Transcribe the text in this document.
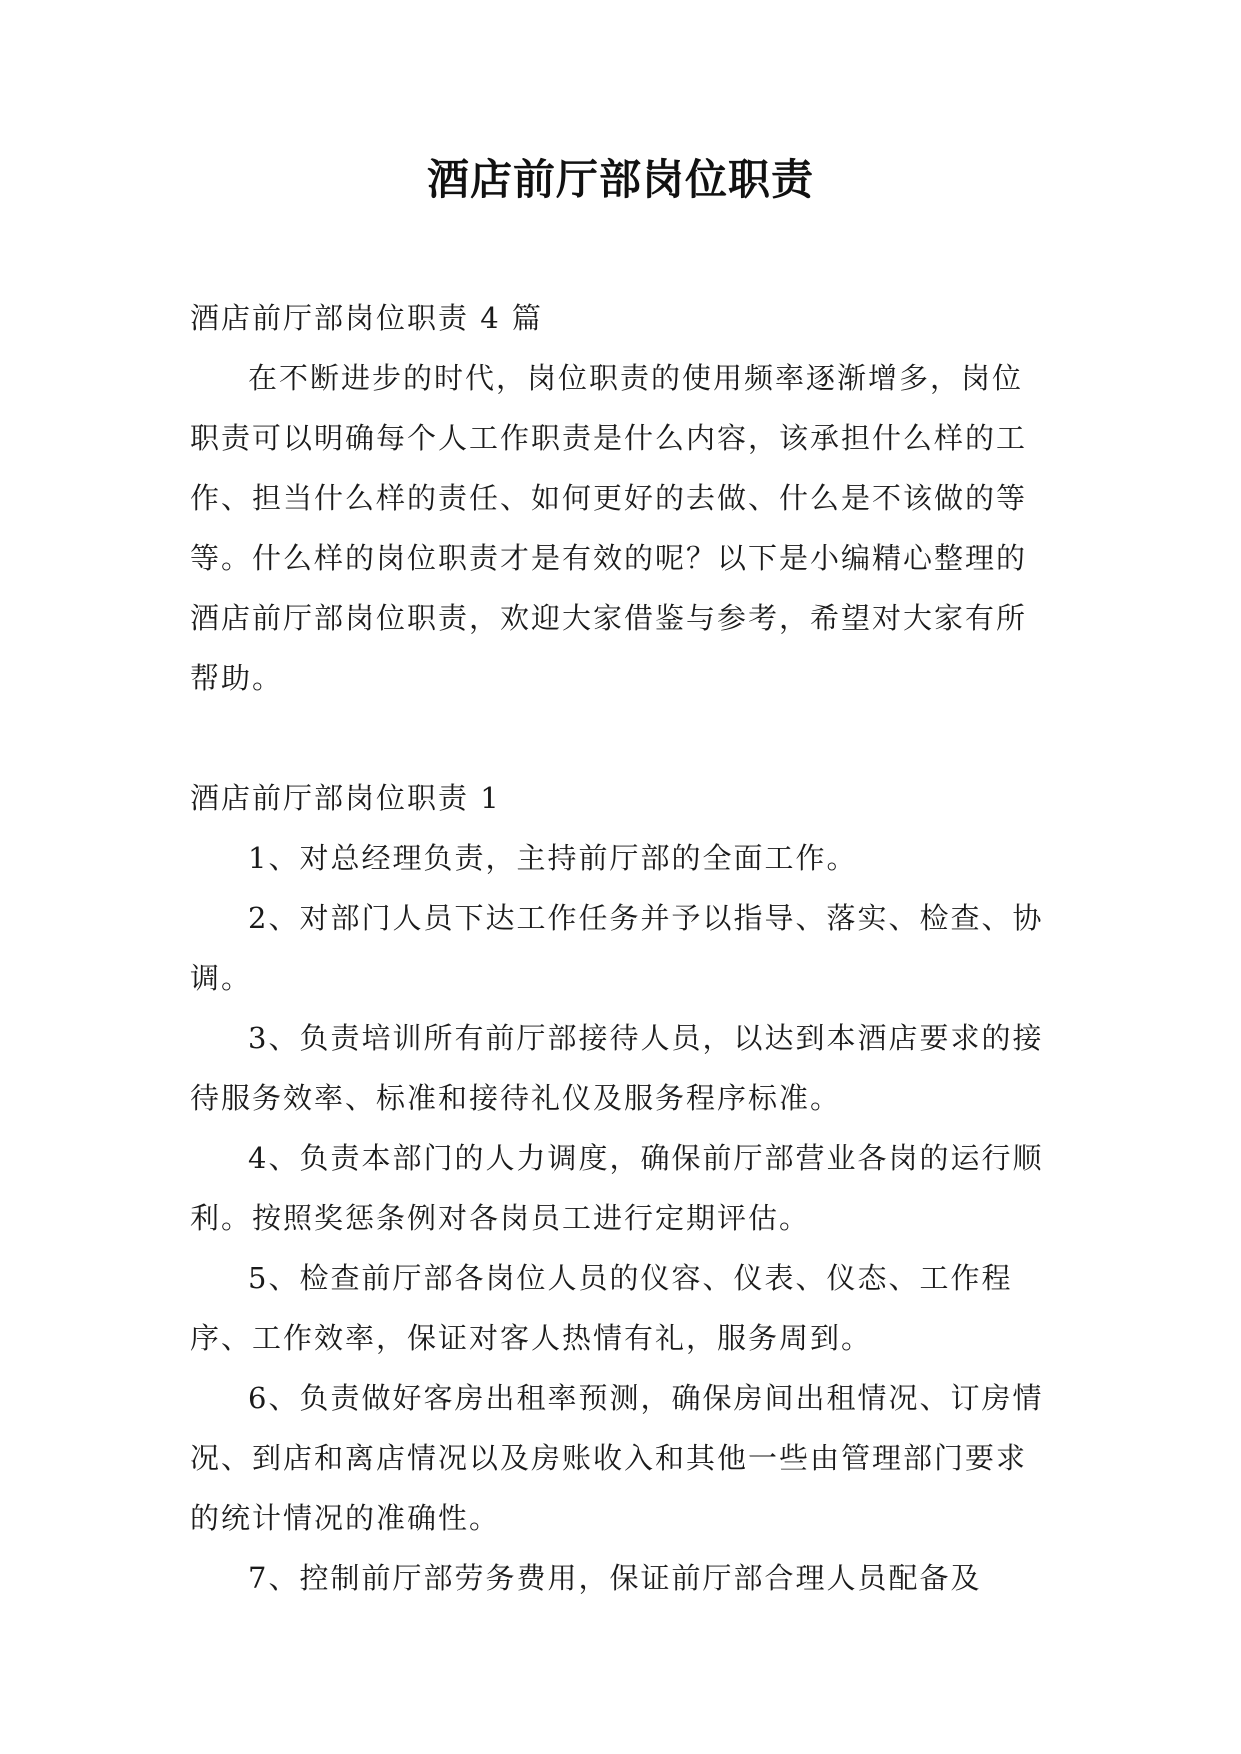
酒店前厅部岗位职责

酒店前厅部岗位职责 4 篇

在不断进步的时代，岗位职责的使用频率逐渐增多，岗位职责可以明确每个人工作职责是什么内容，该承担什么样的工作、担当什么样的责任、如何更好的去做、什么是不该做的等等。什么样的岗位职责才是有效的呢？以下是小编精心整理的酒店前厅部岗位职责，欢迎大家借鉴与参考，希望对大家有所帮助。

酒店前厅部岗位职责 1

1、对总经理负责，主持前厅部的全面工作。

2、对部门人员下达工作任务并予以指导、落实、检查、协调。

3、负责培训所有前厅部接待人员，以达到本酒店要求的接待服务效率、标准和接待礼仪及服务程序标准。

4、负责本部门的人力调度，确保前厅部营业各岗的运行顺利。按照奖惩条例对各岗员工进行定期评估。

5、检查前厅部各岗位人员的仪容、仪表、仪态、工作程序、工作效率，保证对客人热情有礼，服务周到。

6、负责做好客房出租率预测，确保房间出租情况、订房情况、到店和离店情况以及房账收入和其他一些由管理部门要求的统计情况的准确性。

7、控制前厅部劳务费用，保证前厅部合理人员配备及
